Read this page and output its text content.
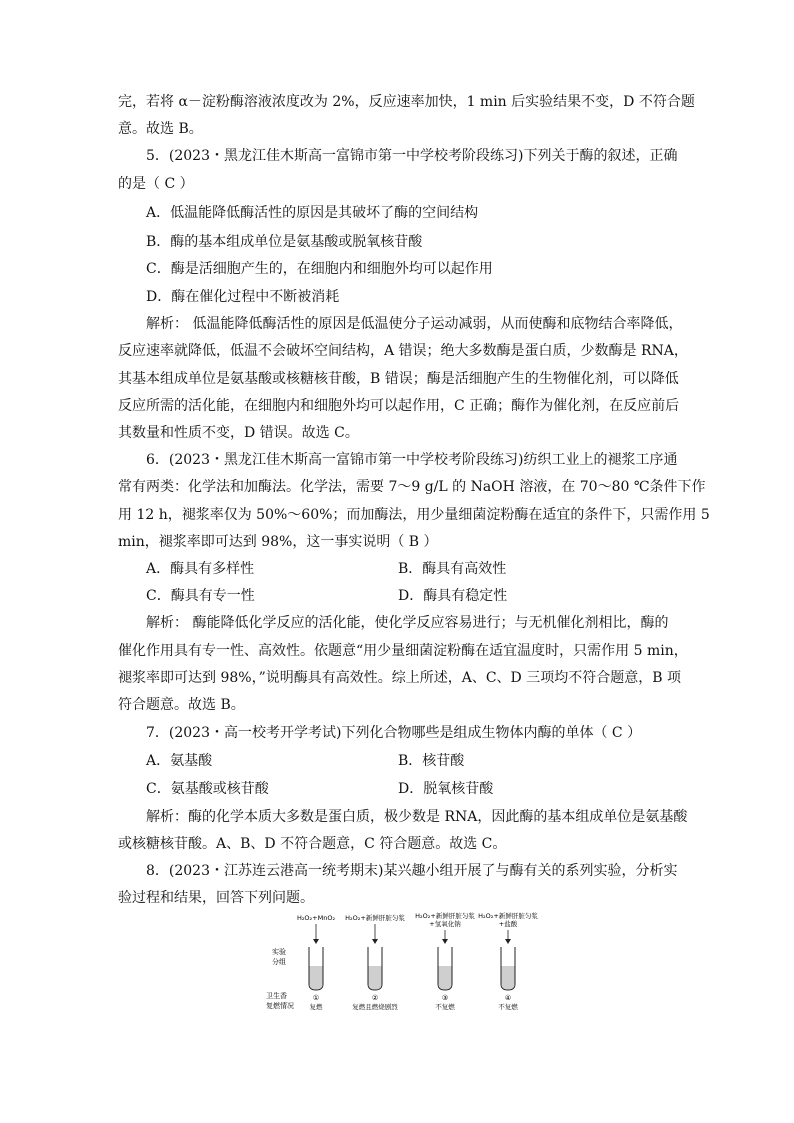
完，若将 α－淀粉酶溶液浓度改为 2%，反应速率加快，1 min 后实验结果不变，D 不符合题
意。故选 B。
5．(2023・黑龙江佳木斯高一富锦市第一中学校考阶段练习)下列关于酶的叙述，正确
的是（ C ）
A．低温能降低酶活性的原因是其破坏了酶的空间结构
B．酶的基本组成单位是氨基酸或脱氧核苷酸
C．酶是活细胞产生的，在细胞内和细胞外均可以起作用
D．酶在催化过程中不断被消耗
解析： 低温能降低酶活性的原因是低温使分子运动减弱，从而使酶和底物结合率降低，
反应速率就降低，低温不会破坏空间结构，A 错误；绝大多数酶是蛋白质，少数酶是 RNA，
其基本组成单位是氨基酸或核糖核苷酸，B 错误；酶是活细胞产生的生物催化剂，可以降低
反应所需的活化能，在细胞内和细胞外均可以起作用，C 正确；酶作为催化剂，在反应前后
其数量和性质不变，D 错误。故选 C。
6．(2023・黑龙江佳木斯高一富锦市第一中学校考阶段练习)纺织工业上的褪浆工序通
常有两类：化学法和加酶法。化学法，需要 7～9 g/L 的 NaOH 溶液，在 70～80 ℃条件下作
用 12 h，褪浆率仅为 50%～60%；而加酶法，用少量细菌淀粉酶在适宜的条件下，只需作用 5
min，褪浆率即可达到 98%，这一事实说明（ B ）
A．酶具有多样性	B．酶具有高效性
C．酶具有专一性	D．酶具有稳定性
解析： 酶能降低化学反应的活化能，使化学反应容易进行；与无机催化剂相比，酶的
催化作用具有专一性、高效性。依题意“用少量细菌淀粉酶在适宜温度时，只需作用 5 min，
褪浆率即可达到 98%，”说明酶具有高效性。综上所述，A、C、D 三项均不符合题意，B 项
符合题意。故选 B。
7．(2023・高一校考开学考试)下列化合物哪些是组成生物体内酶的单体（ C ）
A．氨基酸	B．核苷酸
C．氨基酸或核苷酸	D．脱氧核苷酸
解析：酶的化学本质大多数是蛋白质，极少数是 RNA，因此酶的基本组成单位是氨基酸
或核糖核苷酸。A、B、D 不符合题意，C 符合题意。故选 C。
8．(2023・江苏连云港高一统考期末)某兴趣小组开展了与酶有关的系列实验，分析实
验过程和结果，回答下列问题。
实验
分组
卫生香
复燃情况
H₂O₂+MnO₂
①
复燃
H₂O₂+新鲜肝脏匀浆
②
复燃且燃烧剧烈
H₂O₂+新鲜肝脏匀浆
+氢氧化钠
③
不复燃
H₂O₂+新鲜肝脏匀浆
+盐酸
④
不复燃
